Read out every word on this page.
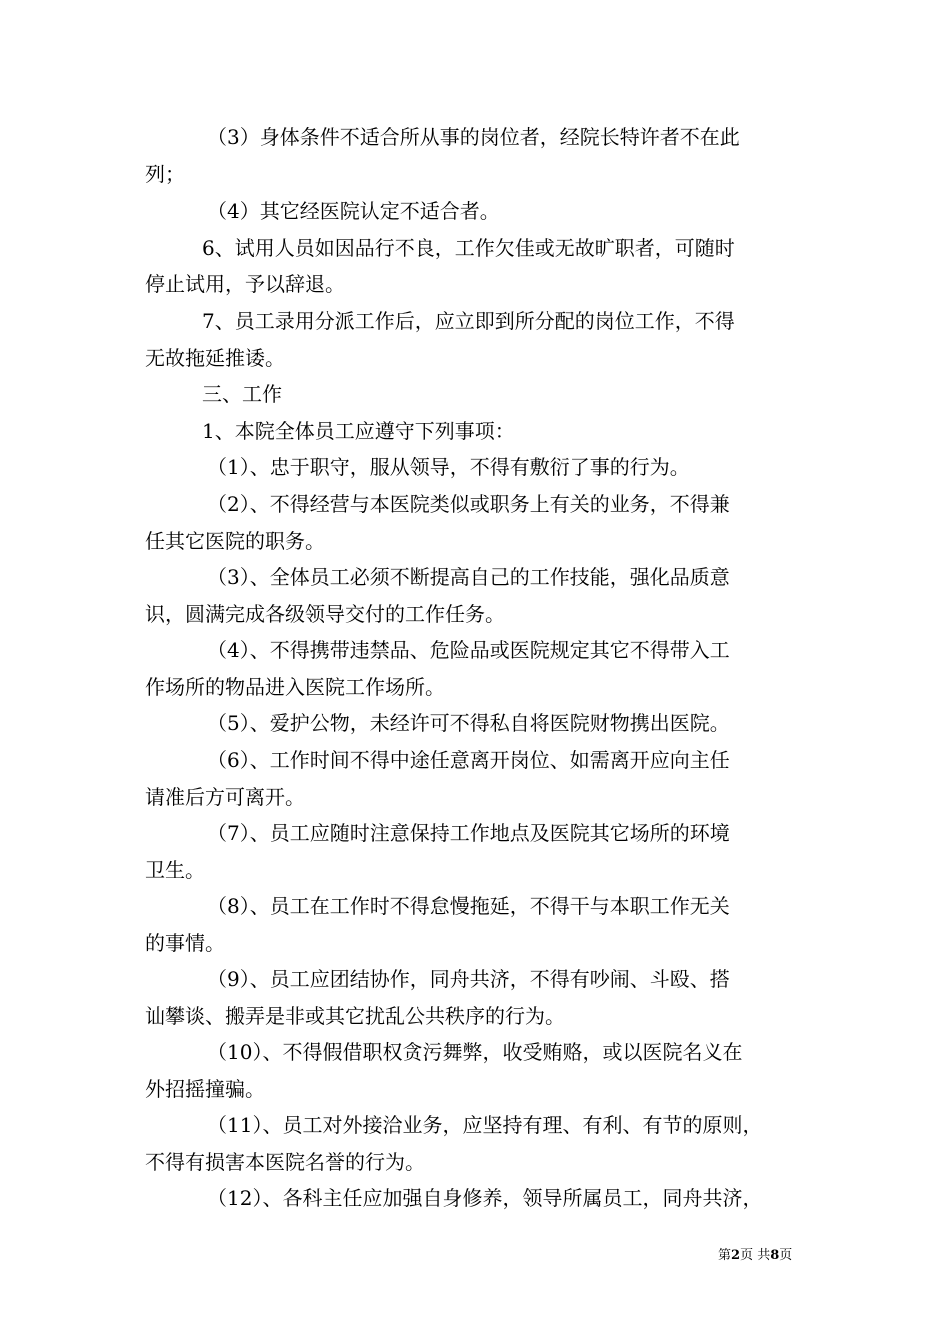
（3）身体条件不适合所从事的岗位者，经院长特许者不在此
列；
（4）其它经医院认定不适合者。
6、试用人员如因品行不良，工作欠佳或无故旷职者，可随时
停止试用，予以辞退。
7、员工录用分派工作后，应立即到所分配的岗位工作，不得
无故拖延推诿。
三、工作
1、本院全体员工应遵守下列事项：
（1）、忠于职守，服从领导，不得有敷衍了事的行为。
（2）、不得经营与本医院类似或职务上有关的业务，不得兼
任其它医院的职务。
（3）、全体员工必须不断提高自己的工作技能，强化品质意
识，圆满完成各级领导交付的工作任务。
（4）、不得携带违禁品、危险品或医院规定其它不得带入工
作场所的物品进入医院工作场所。
（5）、爱护公物，未经许可不得私自将医院财物携出医院。
（6）、工作时间不得中途任意离开岗位、如需离开应向主任
请准后方可离开。
（7）、员工应随时注意保持工作地点及医院其它场所的环境
卫生。
（8）、员工在工作时不得怠慢拖延，不得干与本职工作无关
的事情。
（9）、员工应团结协作，同舟共济，不得有吵闹、斗殴、搭
讪攀谈、搬弄是非或其它扰乱公共秩序的行为。
（10）、不得假借职权贪污舞弊，收受贿赂，或以医院名义在
外招摇撞骗。
（11）、员工对外接洽业务，应坚持有理、有利、有节的原则，
不得有损害本医院名誉的行为。
（12）、各科主任应加强自身修养，领导所属员工，同舟共济，
第2页 共8页
